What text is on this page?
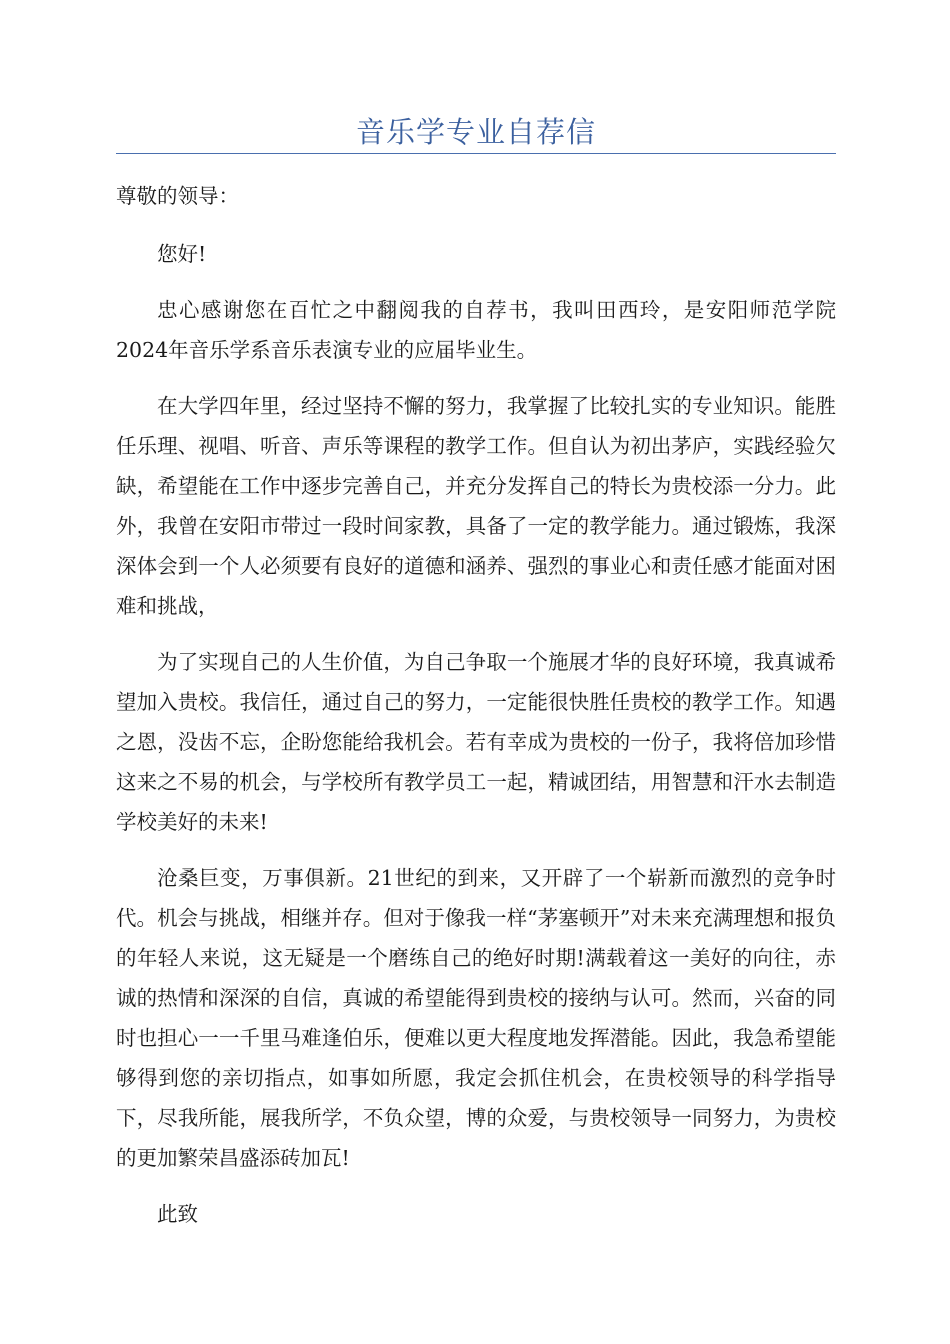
音乐学专业自荐信

尊敬的领导：

您好!

忠心感谢您在百忙之中翻阅我的自荐书，我叫田西玲，是安阳师范学院2024年音乐学系音乐表演专业的应届毕业生。

在大学四年里，经过坚持不懈的努力，我掌握了比较扎实的专业知识。能胜任乐理、视唱、听音、声乐等课程的教学工作。但自认为初出茅庐，实践经验欠缺，希望能在工作中逐步完善自己，并充分发挥自己的特长为贵校添一分力。此外，我曾在安阳市带过一段时间家教，具备了一定的教学能力。通过锻炼，我深深体会到一个人必须要有良好的道德和涵养、强烈的事业心和责任感才能面对困难和挑战，

为了实现自己的人生价值，为自己争取一个施展才华的良好环境，我真诚希望加入贵校。我信任，通过自己的努力，一定能很快胜任贵校的教学工作。知遇之恩，没齿不忘，企盼您能给我机会。若有幸成为贵校的一份子，我将倍加珍惜这来之不易的机会，与学校所有教学员工一起，精诚团结，用智慧和汗水去制造学校美好的未来!

沧桑巨变，万事俱新。21世纪的到来，又开辟了一个崭新而激烈的竞争时代。机会与挑战，相继并存。但对于像我一样“茅塞顿开”对未来充满理想和报负的年轻人来说，这无疑是一个磨练自己的绝好时期!满载着这一美好的向往，赤诚的热情和深深的自信，真诚的希望能得到贵校的接纳与认可。然而，兴奋的同时也担心一一千里马难逢伯乐，便难以更大程度地发挥潜能。因此，我急希望能够得到您的亲切指点，如事如所愿，我定会抓住机会，在贵校领导的科学指导下，尽我所能，展我所学，不负众望，博的众爱，与贵校领导一同努力，为贵校的更加繁荣昌盛添砖加瓦!

此致
